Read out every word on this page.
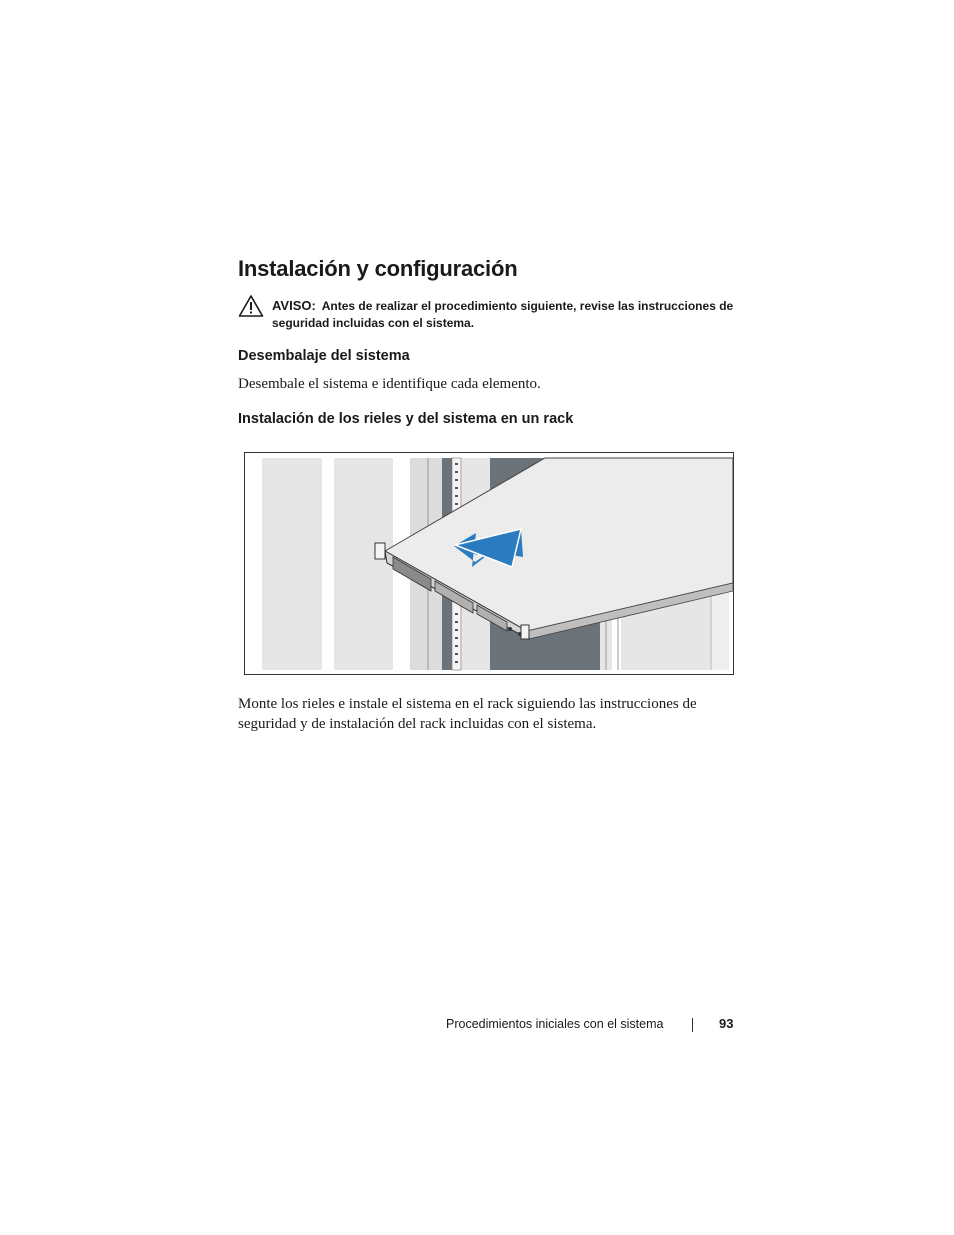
Instalación y configuración
AVISO: Antes de realizar el procedimiento siguiente, revise las instrucciones de seguridad incluidas con el sistema.
Desembalaje del sistema

Desembale el sistema e identifique cada elemento.

Instalación de los rieles y del sistema en un rack

Monte los rieles e instale el sistema en el rack siguiendo las instrucciones de seguridad y de instalación del rack incluidas con el sistema.

Procedimientos iniciales con el sistema	93
